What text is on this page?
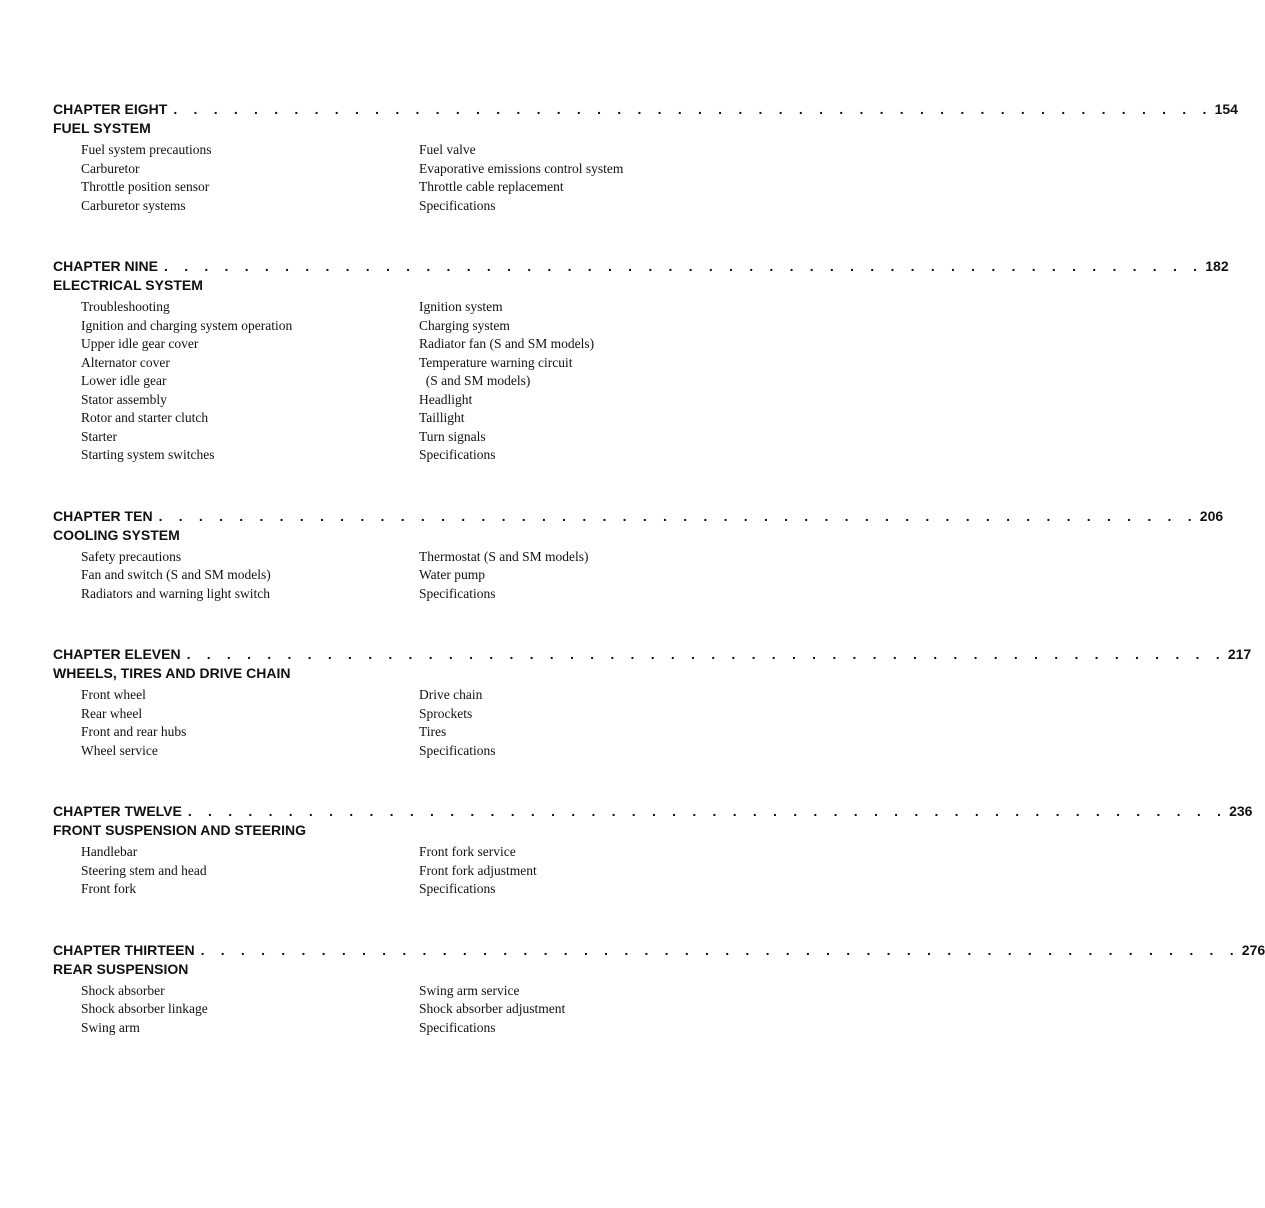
CHAPTER EIGHT . . . . . . . . . . . . . . . . . . . . . . . . . . . . . . . . . . . . . . . . . . . . . . . . . . . . 154
FUEL SYSTEM
Fuel system precautions
Carburetor
Throttle position sensor
Carburetor systems
Fuel valve
Evaporative emissions control system
Throttle cable replacement
Specifications
CHAPTER NINE . . . . . . . . . . . . . . . . . . . . . . . . . . . . . . . . . . . . . . . . . . . . . . . . . . . . 182
ELECTRICAL SYSTEM
Troubleshooting
Ignition and charging system operation
Upper idle gear cover
Alternator cover
Lower idle gear
Stator assembly
Rotor and starter clutch
Starter
Starting system switches
Ignition system
Charging system
Radiator fan (S and SM models)
Temperature warning circuit
(S and SM models)
Headlight
Taillight
Turn signals
Specifications
CHAPTER TEN . . . . . . . . . . . . . . . . . . . . . . . . . . . . . . . . . . . . . . . . . . . . . . . . . . . . 206
COOLING SYSTEM
Safety precautions
Fan and switch (S and SM models)
Radiators and warning light switch
Thermostat (S and SM models)
Water pump
Specifications
CHAPTER ELEVEN . . . . . . . . . . . . . . . . . . . . . . . . . . . . . . . . . . . . . . . . . . . . . . . . . . . . 217
WHEELS, TIRES AND DRIVE CHAIN
Front wheel
Rear wheel
Front and rear hubs
Wheel service
Drive chain
Sprockets
Tires
Specifications
CHAPTER TWELVE . . . . . . . . . . . . . . . . . . . . . . . . . . . . . . . . . . . . . . . . . . . . . . . . . . . . 236
FRONT SUSPENSION AND STEERING
Handlebar
Steering stem and head
Front fork
Front fork service
Front fork adjustment
Specifications
CHAPTER THIRTEEN . . . . . . . . . . . . . . . . . . . . . . . . . . . . . . . . . . . . . . . . . . . . . . . . . . . . 276
REAR SUSPENSION
Shock absorber
Shock absorber linkage
Swing arm
Swing arm service
Shock absorber adjustment
Specifications
